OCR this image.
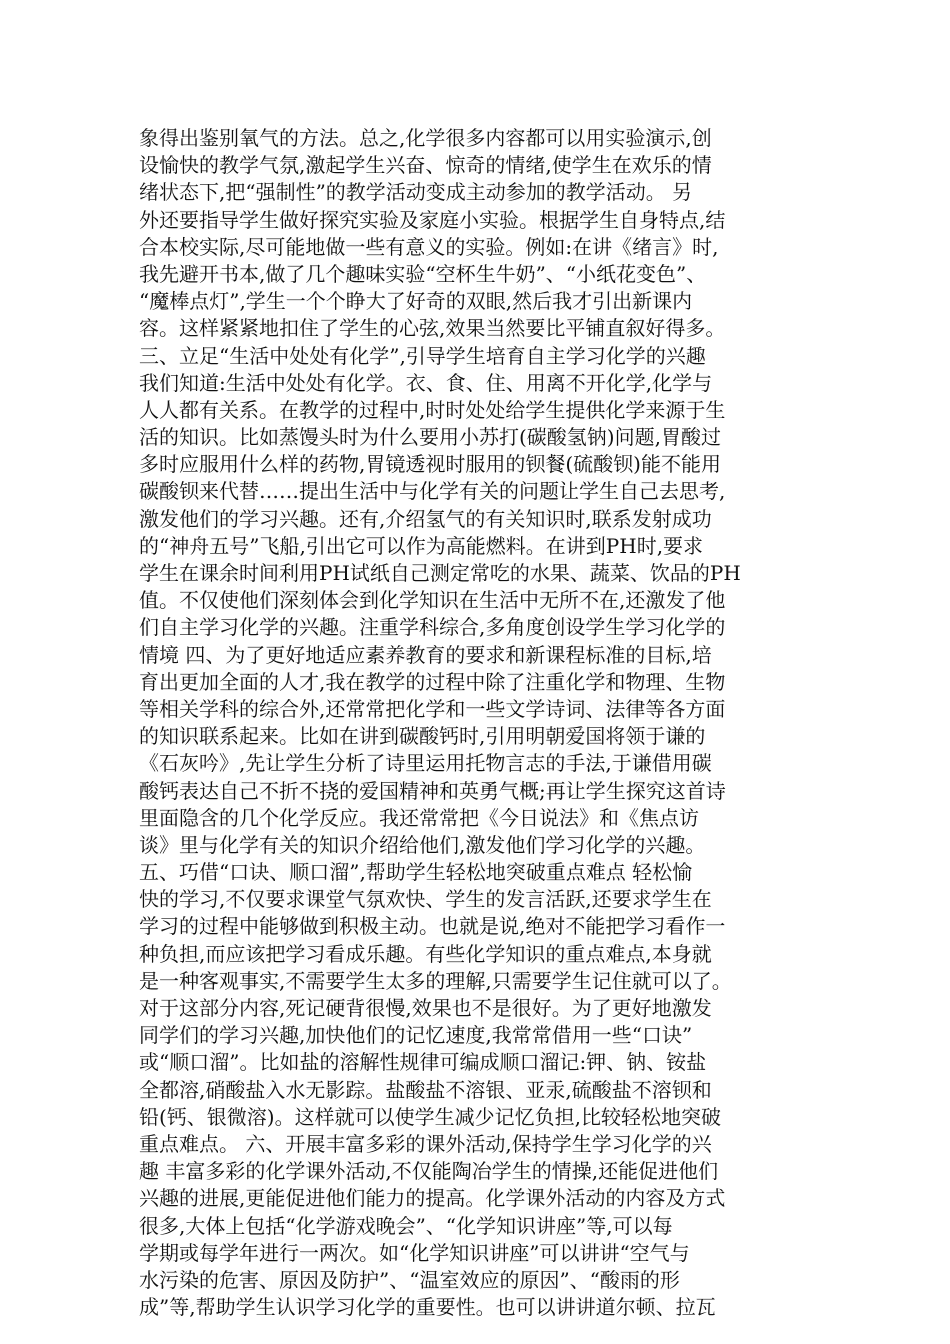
象得出鉴别氧气的方法。总之,化学很多内容都可以用实验演示,创
设愉快的教学气氛,激起学生兴奋、惊奇的情绪,使学生在欢乐的情
绪状态下,把“强制性”的教学活动变成主动参加的教学活动。 另
外还要指导学生做好探究实验及家庭小实验。根据学生自身特点,结
合本校实际,尽可能地做一些有意义的实验。例如:在讲《绪言》时,
我先避开书本,做了几个趣味实验“空杯生牛奶”、“小纸花变色”、
“魔棒点灯”,学生一个个睁大了好奇的双眼,然后我才引出新课内
容。这样紧紧地扣住了学生的心弦,效果当然要比平铺直叙好得多。
三、立足“生活中处处有化学”,引导学生培育自主学习化学的兴趣
我们知道:生活中处处有化学。衣、食、住、用离不开化学,化学与
人人都有关系。在教学的过程中,时时处处给学生提供化学来源于生
活的知识。比如蒸馒头时为什么要用小苏打(碳酸氢钠)问题,胃酸过
多时应服用什么样的药物,胃镜透视时服用的钡餐(硫酸钡)能不能用
碳酸钡来代替……提出生活中与化学有关的问题让学生自己去思考,
激发他们的学习兴趣。还有,介绍氢气的有关知识时,联系发射成功
的“神舟五号”飞船,引出它可以作为高能燃料。在讲到PH时,要求
学生在课余时间利用PH试纸自己测定常吃的水果、蔬菜、饮品的PH
值。不仅使他们深刻体会到化学知识在生活中无所不在,还激发了他
们自主学习化学的兴趣。注重学科综合,多角度创设学生学习化学的
情境 四、为了更好地适应素养教育的要求和新课程标准的目标,培
育出更加全面的人才,我在教学的过程中除了注重化学和物理、生物
等相关学科的综合外,还常常把化学和一些文学诗词、法律等各方面
的知识联系起来。比如在讲到碳酸钙时,引用明朝爱国将领于谦的
《石灰吟》,先让学生分析了诗里运用托物言志的手法,于谦借用碳
酸钙表达自己不折不挠的爱国精神和英勇气概;再让学生探究这首诗
里面隐含的几个化学反应。我还常常把《今日说法》和《焦点访
谈》里与化学有关的知识介绍给他们,激发他们学习化学的兴趣。
五、巧借“口诀、顺口溜”,帮助学生轻松地突破重点难点 轻松愉
快的学习,不仅要求课堂气氛欢快、学生的发言活跃,还要求学生在
学习的过程中能够做到积极主动。也就是说,绝对不能把学习看作一
种负担,而应该把学习看成乐趣。有些化学知识的重点难点,本身就
是一种客观事实,不需要学生太多的理解,只需要学生记住就可以了。
对于这部分内容,死记硬背很慢,效果也不是很好。为了更好地激发
同学们的学习兴趣,加快他们的记忆速度,我常常借用一些“口诀”
或“顺口溜”。比如盐的溶解性规律可编成顺口溜记:钾、钠、铵盐
全都溶,硝酸盐入水无影踪。盐酸盐不溶银、亚汞,硫酸盐不溶钡和
铅(钙、银微溶)。这样就可以使学生减少记忆负担,比较轻松地突破
重点难点。 六、开展丰富多彩的课外活动,保持学生学习化学的兴
趣 丰富多彩的化学课外活动,不仅能陶冶学生的情操,还能促进他们
兴趣的进展,更能促进他们能力的提高。化学课外活动的内容及方式
很多,大体上包括“化学游戏晚会”、“化学知识讲座”等,可以每
学期或每学年进行一两次。如“化学知识讲座”可以讲讲“空气与
水污染的危害、原因及防护”、“温室效应的原因”、“酸雨的形
成”等,帮助学生认识学习化学的重要性。也可以讲讲道尔顿、拉瓦
